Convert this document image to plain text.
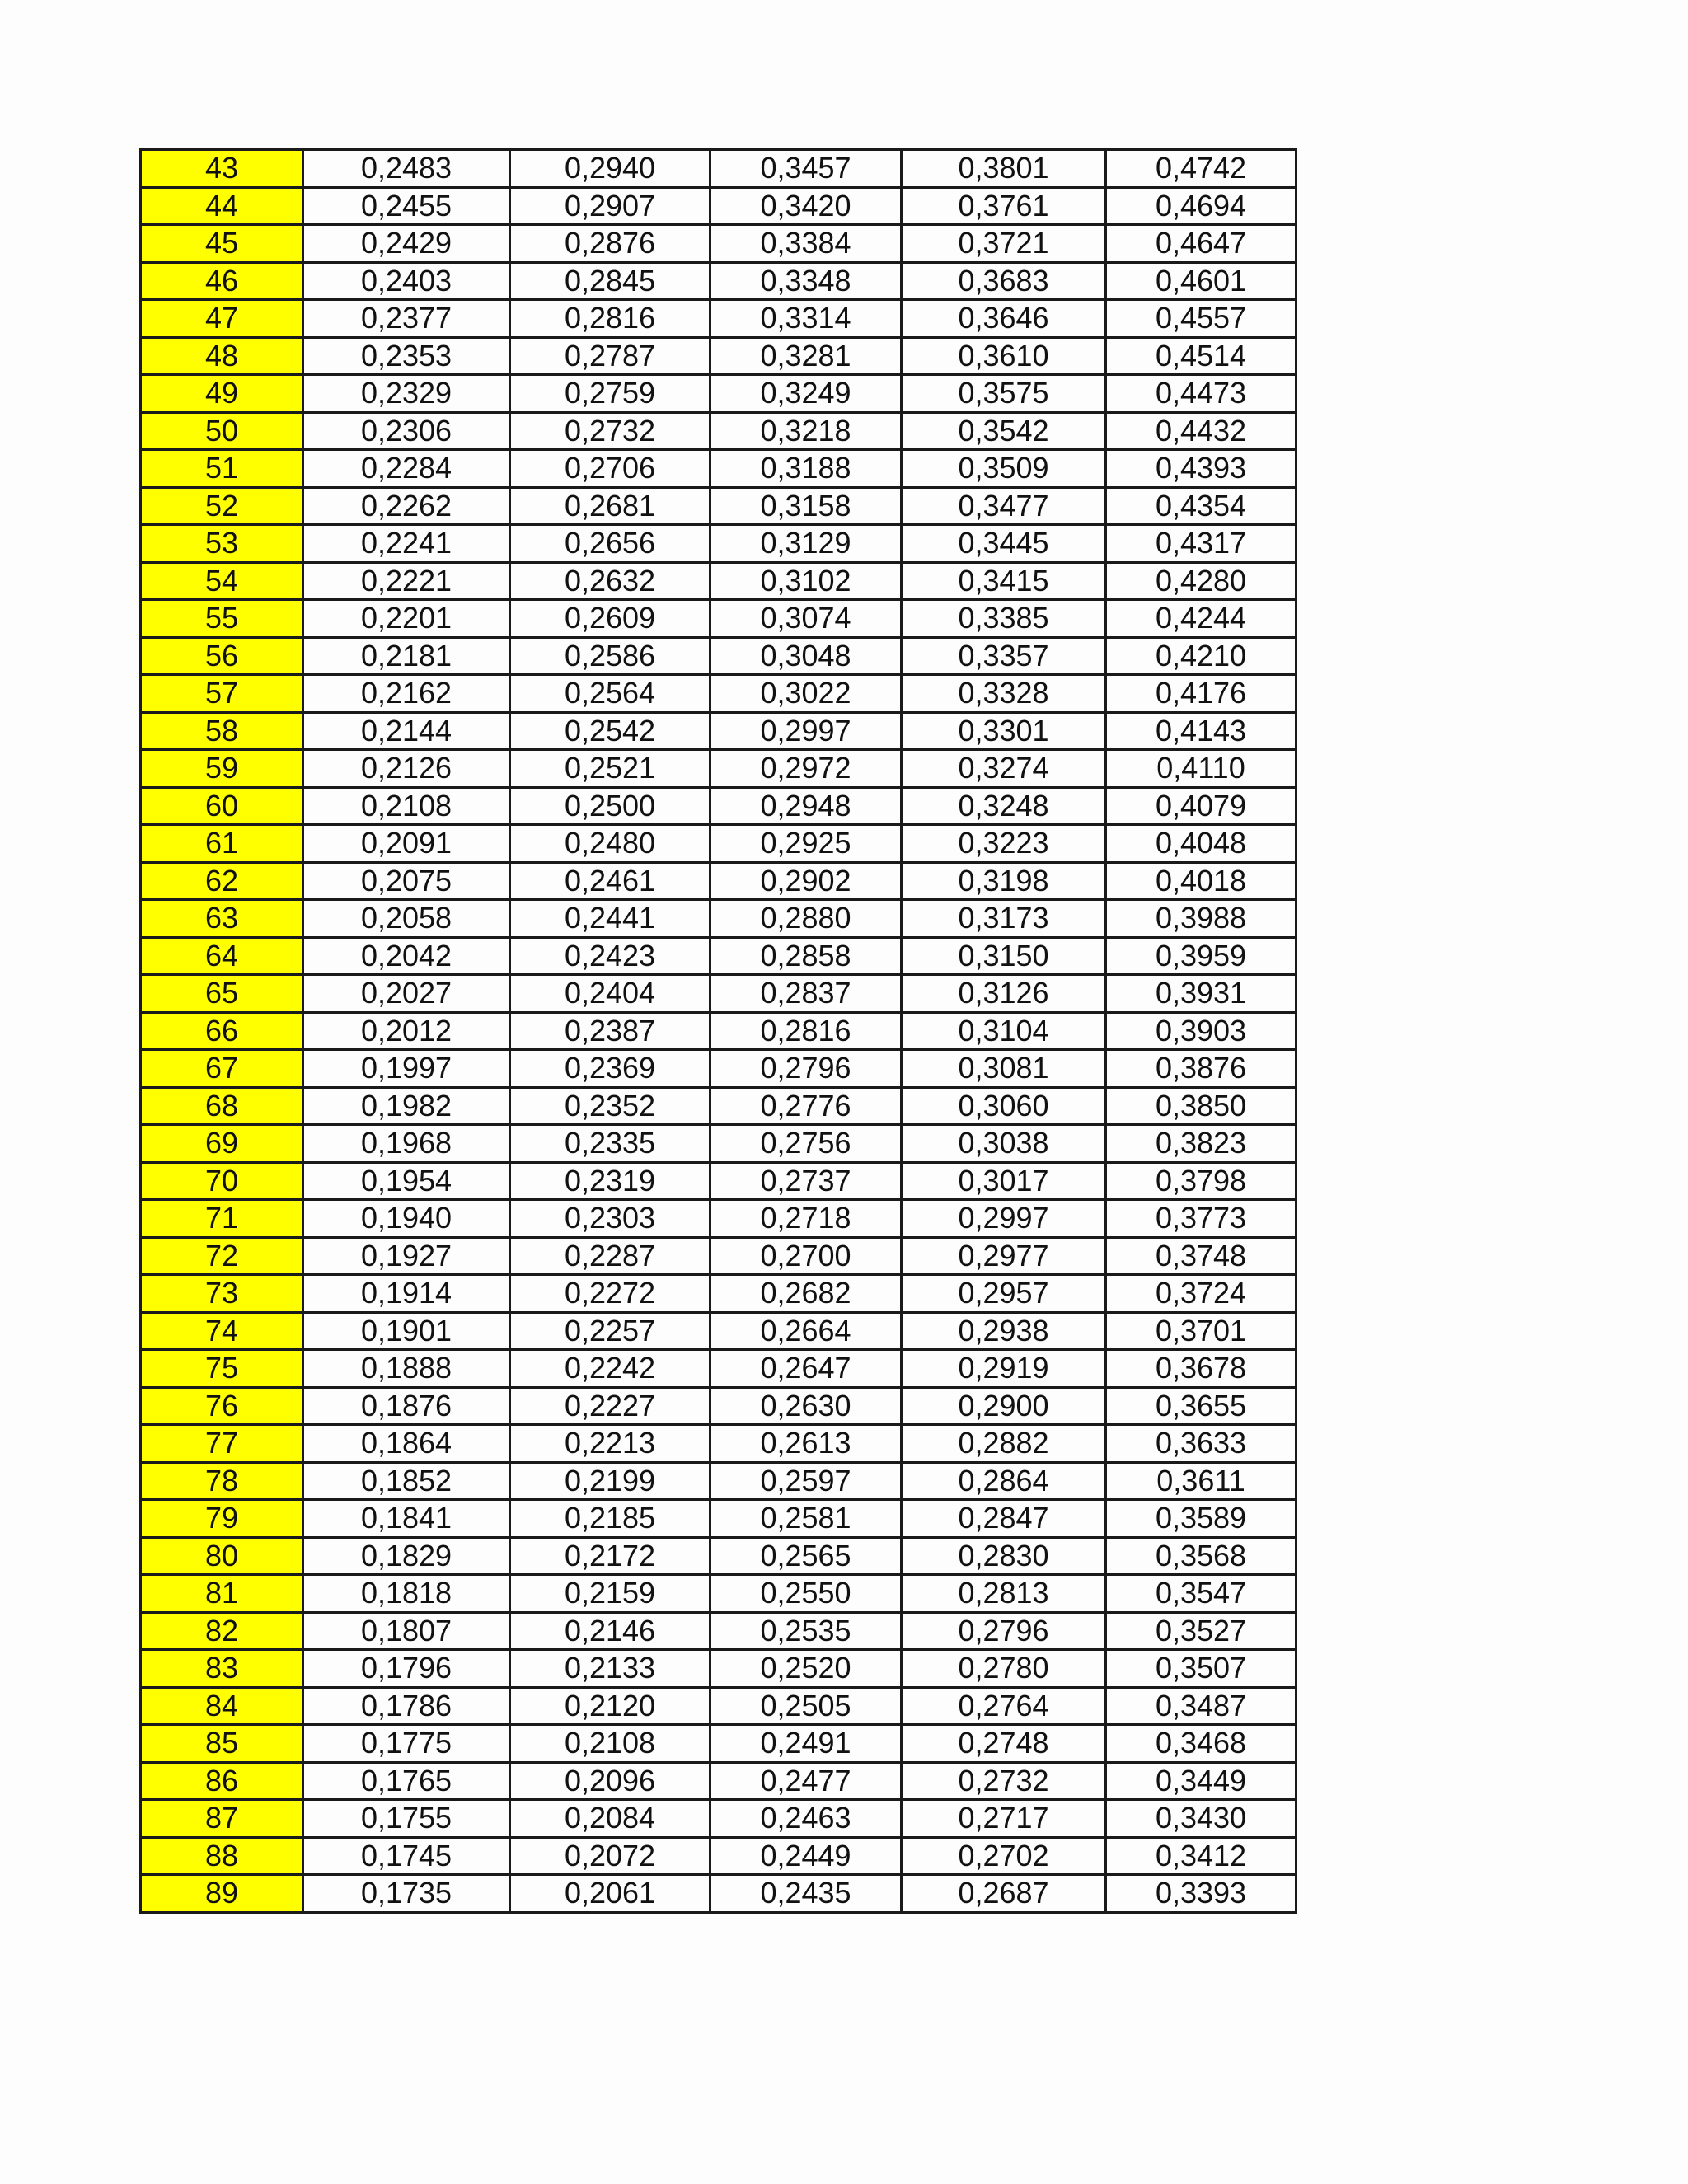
43	0,2483	0,2940	0,3457	0,3801	0,4742
44	0,2455	0,2907	0,3420	0,3761	0,4694
45	0,2429	0,2876	0,3384	0,3721	0,4647
46	0,2403	0,2845	0,3348	0,3683	0,4601
47	0,2377	0,2816	0,3314	0,3646	0,4557
48	0,2353	0,2787	0,3281	0,3610	0,4514
49	0,2329	0,2759	0,3249	0,3575	0,4473
50	0,2306	0,2732	0,3218	0,3542	0,4432
51	0,2284	0,2706	0,3188	0,3509	0,4393
52	0,2262	0,2681	0,3158	0,3477	0,4354
53	0,2241	0,2656	0,3129	0,3445	0,4317
54	0,2221	0,2632	0,3102	0,3415	0,4280
55	0,2201	0,2609	0,3074	0,3385	0,4244
56	0,2181	0,2586	0,3048	0,3357	0,4210
57	0,2162	0,2564	0,3022	0,3328	0,4176
58	0,2144	0,2542	0,2997	0,3301	0,4143
59	0,2126	0,2521	0,2972	0,3274	0,4110
60	0,2108	0,2500	0,2948	0,3248	0,4079
61	0,2091	0,2480	0,2925	0,3223	0,4048
62	0,2075	0,2461	0,2902	0,3198	0,4018
63	0,2058	0,2441	0,2880	0,3173	0,3988
64	0,2042	0,2423	0,2858	0,3150	0,3959
65	0,2027	0,2404	0,2837	0,3126	0,3931
66	0,2012	0,2387	0,2816	0,3104	0,3903
67	0,1997	0,2369	0,2796	0,3081	0,3876
68	0,1982	0,2352	0,2776	0,3060	0,3850
69	0,1968	0,2335	0,2756	0,3038	0,3823
70	0,1954	0,2319	0,2737	0,3017	0,3798
71	0,1940	0,2303	0,2718	0,2997	0,3773
72	0,1927	0,2287	0,2700	0,2977	0,3748
73	0,1914	0,2272	0,2682	0,2957	0,3724
74	0,1901	0,2257	0,2664	0,2938	0,3701
75	0,1888	0,2242	0,2647	0,2919	0,3678
76	0,1876	0,2227	0,2630	0,2900	0,3655
77	0,1864	0,2213	0,2613	0,2882	0,3633
78	0,1852	0,2199	0,2597	0,2864	0,3611
79	0,1841	0,2185	0,2581	0,2847	0,3589
80	0,1829	0,2172	0,2565	0,2830	0,3568
81	0,1818	0,2159	0,2550	0,2813	0,3547
82	0,1807	0,2146	0,2535	0,2796	0,3527
83	0,1796	0,2133	0,2520	0,2780	0,3507
84	0,1786	0,2120	0,2505	0,2764	0,3487
85	0,1775	0,2108	0,2491	0,2748	0,3468
86	0,1765	0,2096	0,2477	0,2732	0,3449
87	0,1755	0,2084	0,2463	0,2717	0,3430
88	0,1745	0,2072	0,2449	0,2702	0,3412
89	0,1735	0,2061	0,2435	0,2687	0,3393
